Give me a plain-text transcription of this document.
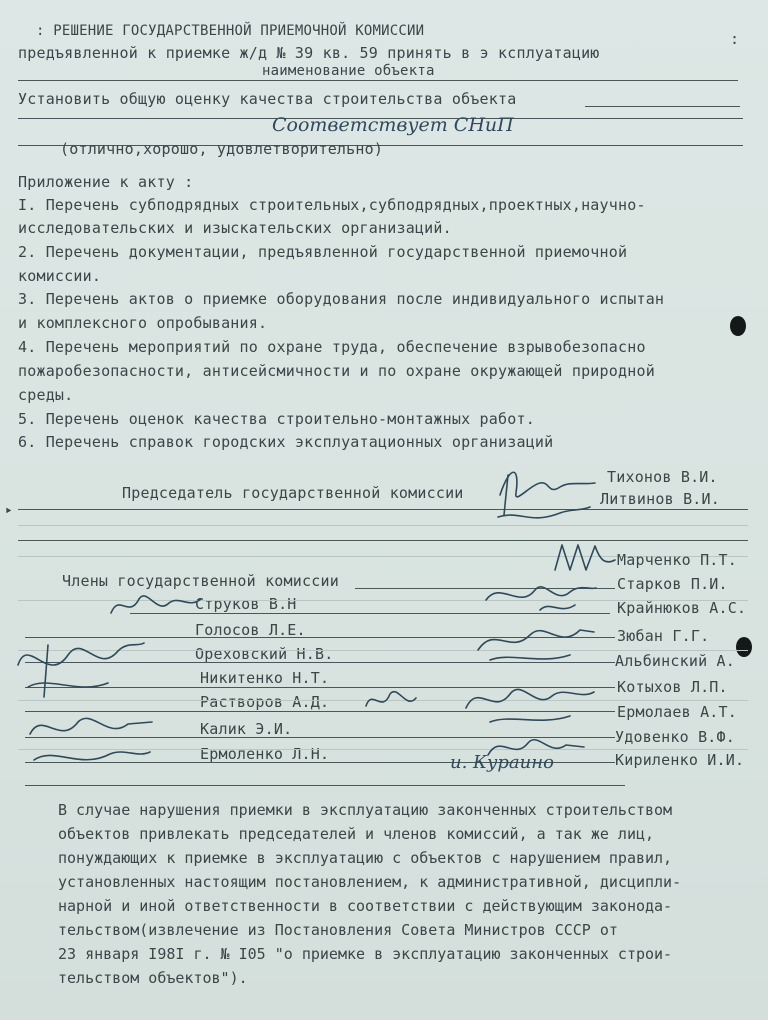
: РЕШЕНИЕ ГОСУДАРСТВЕННОЙ ПРИЕМОЧНОЙ КОМИССИИ
предъявленной к приемке ж/д № 39 кв. 59 принять в э ксплуатацию
наименование объекта
:
Установить общую оценку качества строительства объекта
Соответствует СНиП
(отлично,хорошо, удовлетворительно)
Приложение к акту :
I. Перечень субподрядных строительных,субподрядных,проектных,научно-
исследовательских и изыскательских организаций.
2. Перечень документации, предъявленной государственной приемочной
комиссии.
3. Перечень актов о приемке оборудования после индивидуального испытан
и комплексного опробывания.
4. Перечень мероприятий по охране труда, обеспечение взрывобезопасно
пожаробезопасности, антисейсмичности и по охране окружающей природной
среды.
5. Перечень оценок качества строительно-монтажных работ.
6. Перечень справок городских эксплуатационных организаций
Председатель государственной комиссии
Тихонов В.И.
Литвинов В.И.
‣
Члены государственной комиссии
Струков В.Н
Голосов Л.Е.
Ореховский Н.В.
Никитенко Н.Т.
Растворов А.Д.
Калик Э.И.
Ермоленко Л.Н.
Марченко П.Т.
Старков П.И.
Крайнюков А.С.
Зюбан Г.Г.
Альбинский А.
Котыхов Л.П.
Ермолаев А.Т.
Удовенко В.Ф.
Кириленко И.И.
и. Кураино
В случае нарушения приемки в эксплуатацию законченных строительством
объектов привлекать председателей и членов комиссий, а так же лиц,
понуждающих к приемке в эксплуатацию с объектов с нарушением правил,
установленных настоящим постановлением, к административной, дисципли-
нарной и иной ответственности в соответствии с действующим законода-
тельством(извлечение из Постановления Совета Министров СССР от
23 января I98I г. № I05 "о приемке в эксплуатацию законченных строи-
тельством объектов").
